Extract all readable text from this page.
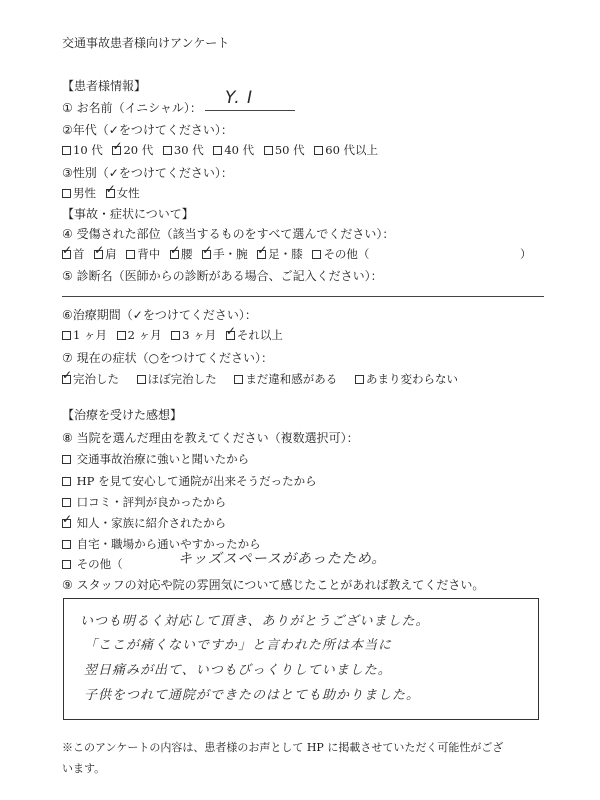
交通事故患者様向けアンケート
【患者様情報】
① お名前（イニシャル）： Y. I
②年代（✓をつけてください）：
10 代 ✓ 20 代 30 代 40 代 50 代 60 代以上
③性別（✓をつけてください）：
男性 ✓ 女性
【事故・症状について】
④ 受傷された部位（該当するものをすべて選んでください）：
✓首 ✓ 肩 背中 ✓ 腰 ✓ 手・腕 ✓ 足・膝 その他（	）
⑤ 診断名（医師からの診断がある場合、ご記入ください）：
⑥治療期間（✓をつけてください）：
1 ヶ月 2 ヶ月 3 ヶ月 ✓ それ以上
⑦ 現在の症状（○をつけてください）：
✓完治した ほぼ完治した まだ違和感がある あまり変わらない
【治療を受けた感想】
⑧ 当院を選んだ理由を教えてください（複数選択可）：
交通事故治療に強いと聞いたから
HP を見て安心して通院が出来そうだったから
口コミ・評判が良かったから
✓ 知人・家族に紹介されたから
自宅・職場から通いやすかったから
その他（	キッズスペースがあったため。
⑨ スタッフの対応や院の雰囲気について感じたことがあれば教えてください。
いつも明るく対応して頂き、ありがとうございました。
「ここが痛くないですか」と言われた所は本当に
翌日痛みが出て、いつもびっくりしていました。
子供をつれて通院ができたのはとても助かりました。
※このアンケートの内容は、患者様のお声として HP に掲載させていただく可能性がござ
います。
